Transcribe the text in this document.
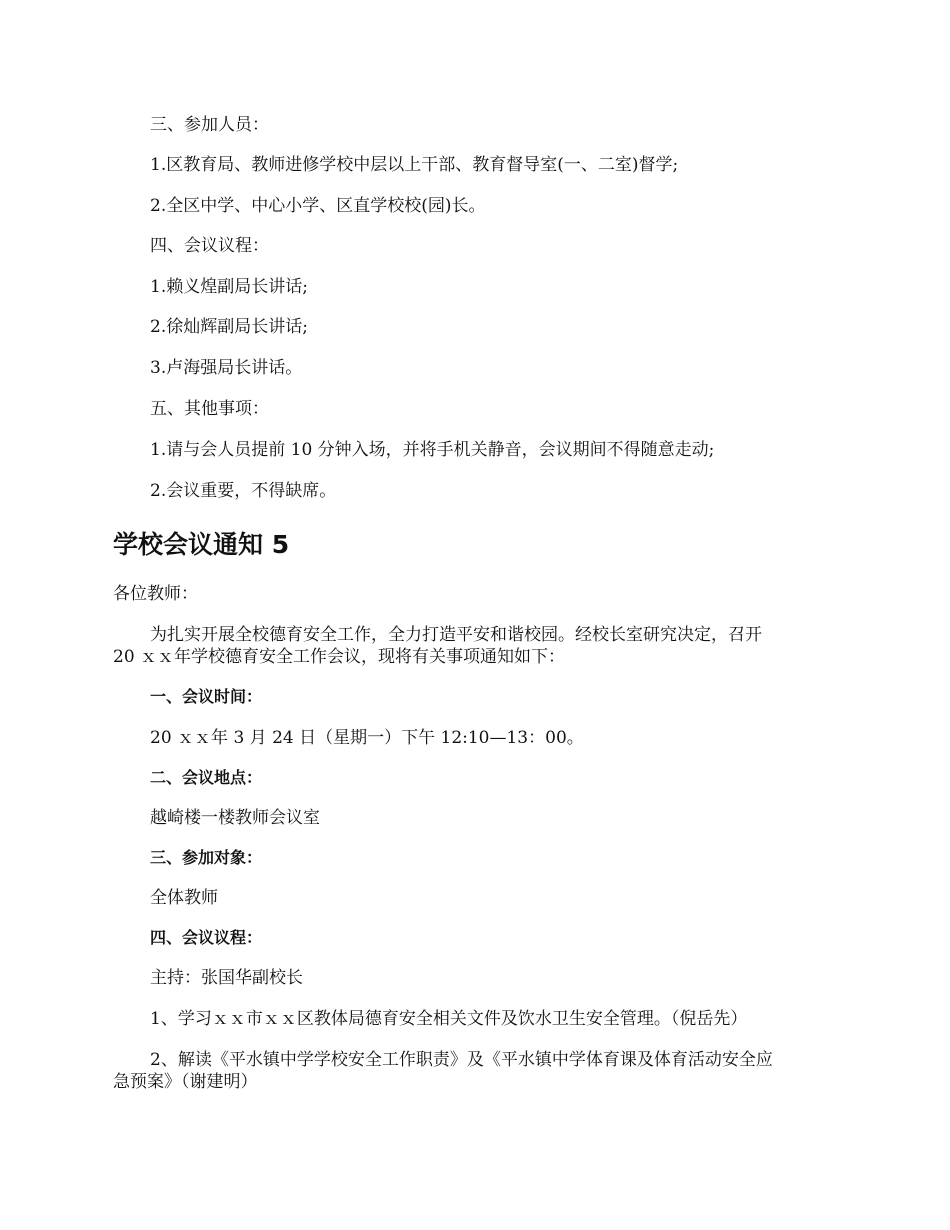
三、参加人员：

1.区教育局、教师进修学校中层以上干部、教育督导室(一、二室)督学;

2.全区中学、中心小学、区直学校校(园)长。

四、会议议程：

1.赖义煌副局长讲话;

2.徐灿辉副局长讲话;

3.卢海强局长讲话。

五、其他事项：

1.请与会人员提前 10 分钟入场，并将手机关静音，会议期间不得随意走动;

2.会议重要，不得缺席。

学校会议通知 5

各位教师：

为扎实开展全校德育安全工作，全力打造平安和谐校园。经校长室研究决定，召开
20 ｘｘ年学校德育安全工作会议，现将有关事项通知如下：

一、会议时间：

20 ｘｘ年 3 月 24 日（星期一）下午 12:10—13：00。

二、会议地点：

越崎楼一楼教师会议室

三、参加对象：

全体教师

四、会议议程：

主持：张国华副校长

1、学习ｘｘ市ｘｘ区教体局德育安全相关文件及饮水卫生安全管理。（倪岳先）

2、解读《平水镇中学学校安全工作职责》及《平水镇中学体育课及体育活动安全应
急预案》（谢建明）
